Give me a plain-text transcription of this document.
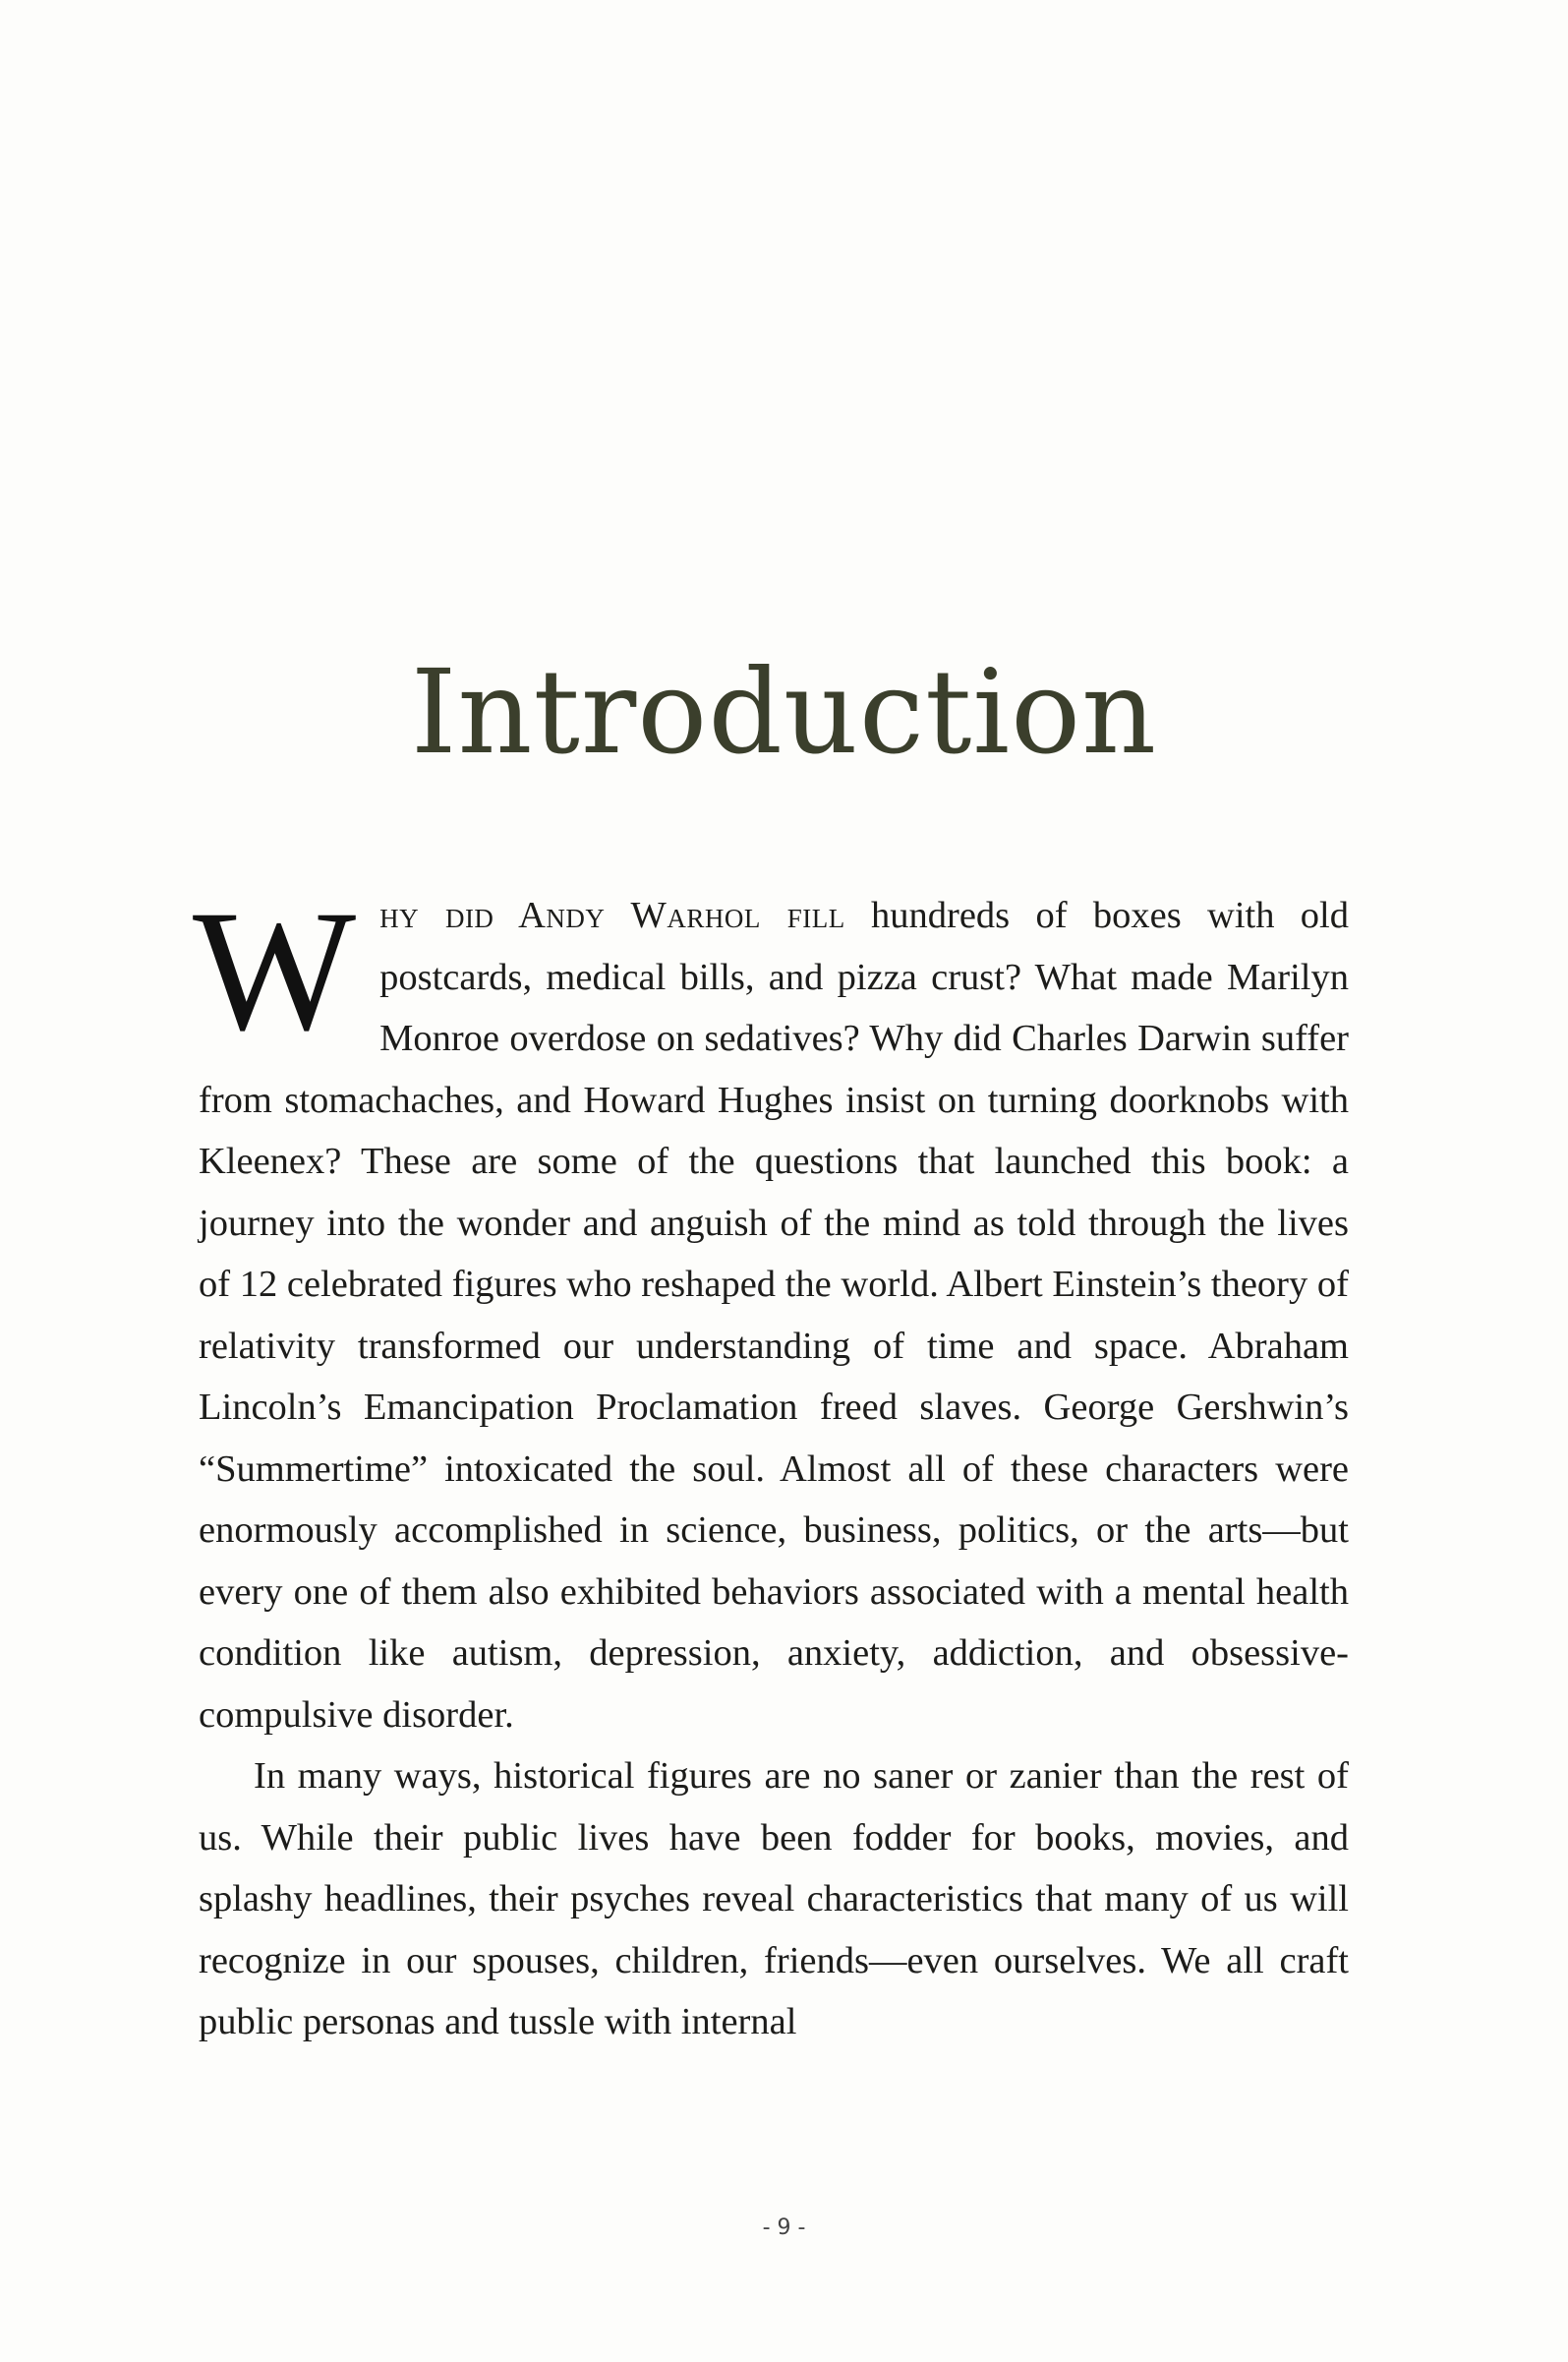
Introduction

Why did Andy Warhol fill hundreds of boxes with old postcards, medical bills, and pizza crust? What made Marilyn Monroe overdose on sedatives? Why did Charles Darwin suffer from stomachaches, and Howard Hughes insist on turning doorknobs with Kleenex? These are some of the questions that launched this book: a journey into the wonder and anguish of the mind as told through the lives of 12 celebrated figures who reshaped the world. Albert Einstein’s theory of relativity transformed our understanding of time and space. Abraham Lincoln’s Emancipation Proclamation freed slaves. George Gershwin’s “Summertime” intoxicated the soul. Almost all of these characters were enormously accomplished in science, business, politics, or the arts—but every one of them also exhibited behaviors associated with a mental health condition like autism, depression, anxiety, addiction, and obsessive-compulsive disorder.

In many ways, historical figures are no saner or zanier than the rest of us. While their public lives have been fodder for books, movies, and splashy headlines, their psyches reveal characteristics that many of us will recognize in our spouses, children, friends—even ourselves. We all craft public personas and tussle with internal

- 9 -
